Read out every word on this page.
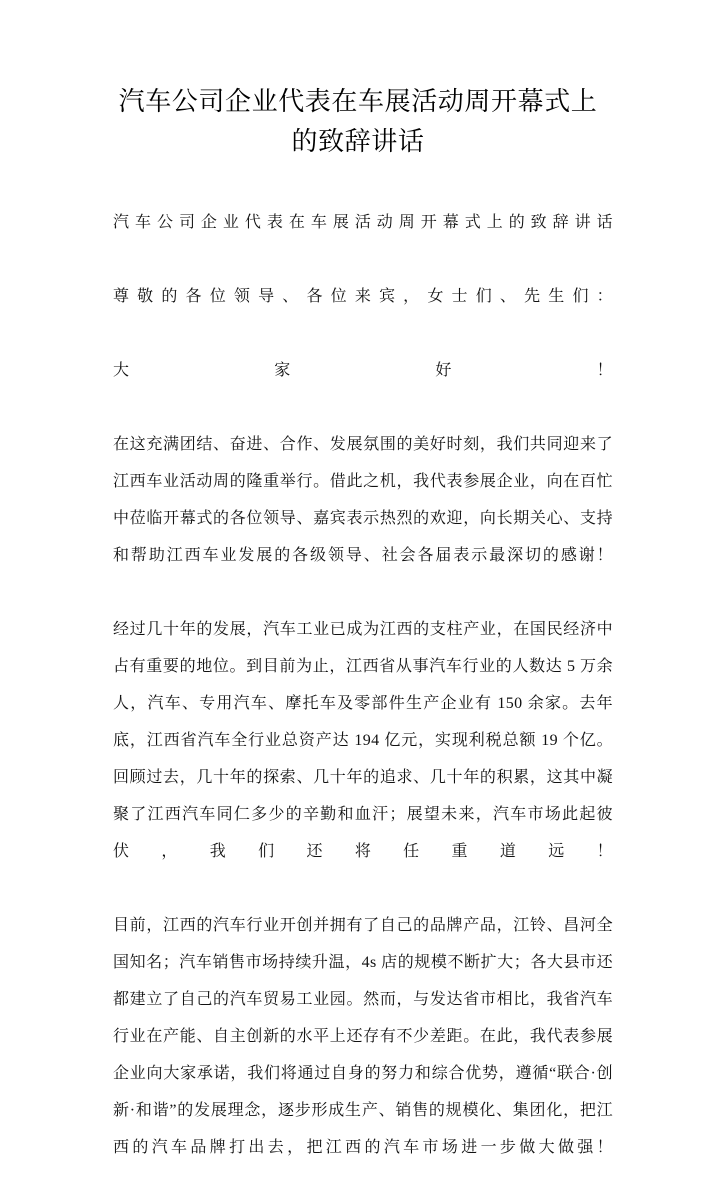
汽车公司企业代表在车展活动周开幕式上的致辞讲话

汽车公司企业代表在车展活动周开幕式上的致辞讲话

尊敬的各位领导、各位来宾，女士们、先生们：

大家好！

在这充满团结、奋进、合作、发展氛围的美好时刻，我们共同迎来了江西车业活动周的隆重举行。借此之机，我代表参展企业，向在百忙中莅临开幕式的各位领导、嘉宾表示热烈的欢迎，向长期关心、支持和帮助江西车业发展的各级领导、社会各届表示最深切的感谢！

经过几十年的发展，汽车工业已成为江西的支柱产业，在国民经济中占有重要的地位。到目前为止，江西省从事汽车行业的人数达 5 万余人，汽车、专用汽车、摩托车及零部件生产企业有 150 余家。去年底，江西省汽车全行业总资产达 194 亿元，实现利税总额 19 个亿。回顾过去，几十年的探索、几十年的追求、几十年的积累，这其中凝聚了江西汽车同仁多少的辛勤和血汗；展望未来，汽车市场此起彼伏，我们还将任重道远！

目前，江西的汽车行业开创并拥有了自己的品牌产品，江铃、昌河全国知名；汽车销售市场持续升温，4s 店的规模不断扩大；各大县市还都建立了自己的汽车贸易工业园。然而，与发达省市相比，我省汽车行业在产能、自主创新的水平上还存有不少差距。在此，我代表参展企业向大家承诺，我们将通过自身的努力和综合优势，遵循“联合·创新·和谐”的发展理念，逐步形成生产、销售的规模化、集团化，把江西的汽车品牌打出去，把江西的汽车市场进一步做大做强！
